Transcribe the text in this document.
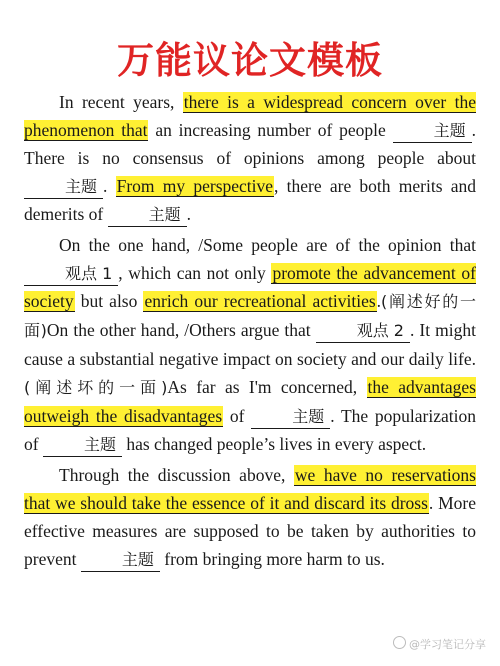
万能议论文模板

In recent years, there is a widespread concern over the phenomenon that an increasing number of people	主题 . There is no consensus of opinions among people about 主题 . From my perspective, there are both merits and demerits of	主题 .

On the one hand, /Some people are of the opinion that 观点 1 , which can not only promote the advancement of society but also enrich our recreational activities.(阐述好的一面)On the other hand, /Others argue that	观点 2 . It might cause a substantial negative impact on society and our daily life.(阐述坏的一面)As far as I'm concerned, the advantages outweigh the disadvantages of	主题 . The popularization of	主题 has changed people’s lives in every aspect.

Through the discussion above, we have no reservations that we should take the essence of it and discard its dross. More effective measures are supposed to be taken by authorities to prevent	主题 from bringing more harm to us.

@学习笔记分享
